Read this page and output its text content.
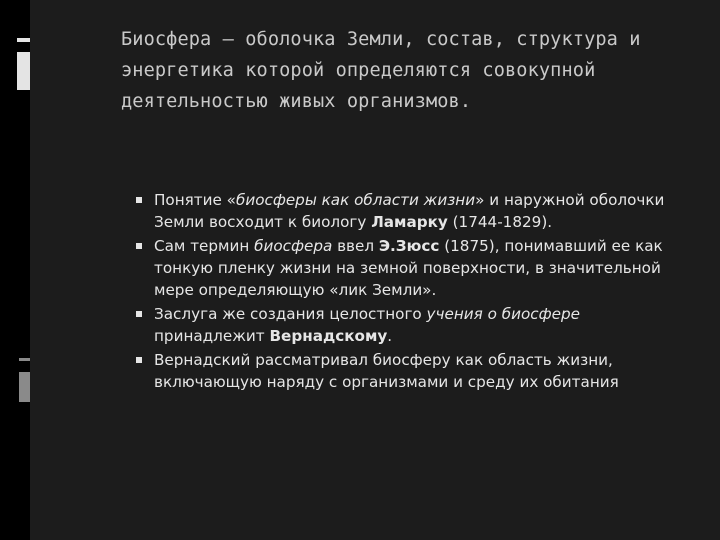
Биосфера – оболочка Земли, состав, структура и энергетика которой определяются совокупной деятельностью живых организмов.
Понятие «биосферы как области жизни» и наружной оболочки Земли восходит к биологу Ламарку (1744-1829).
Сам термин биосфера ввел Э.Зюсс (1875), понимавший ее как тонкую пленку жизни на земной поверхности, в значительной мере определяющую «лик Земли».
Заслуга же создания целостного учения о биосфере принадлежит Вернадскому.
Вернадский рассматривал биосферу как область жизни, включающую наряду с организмами и среду их обитания
